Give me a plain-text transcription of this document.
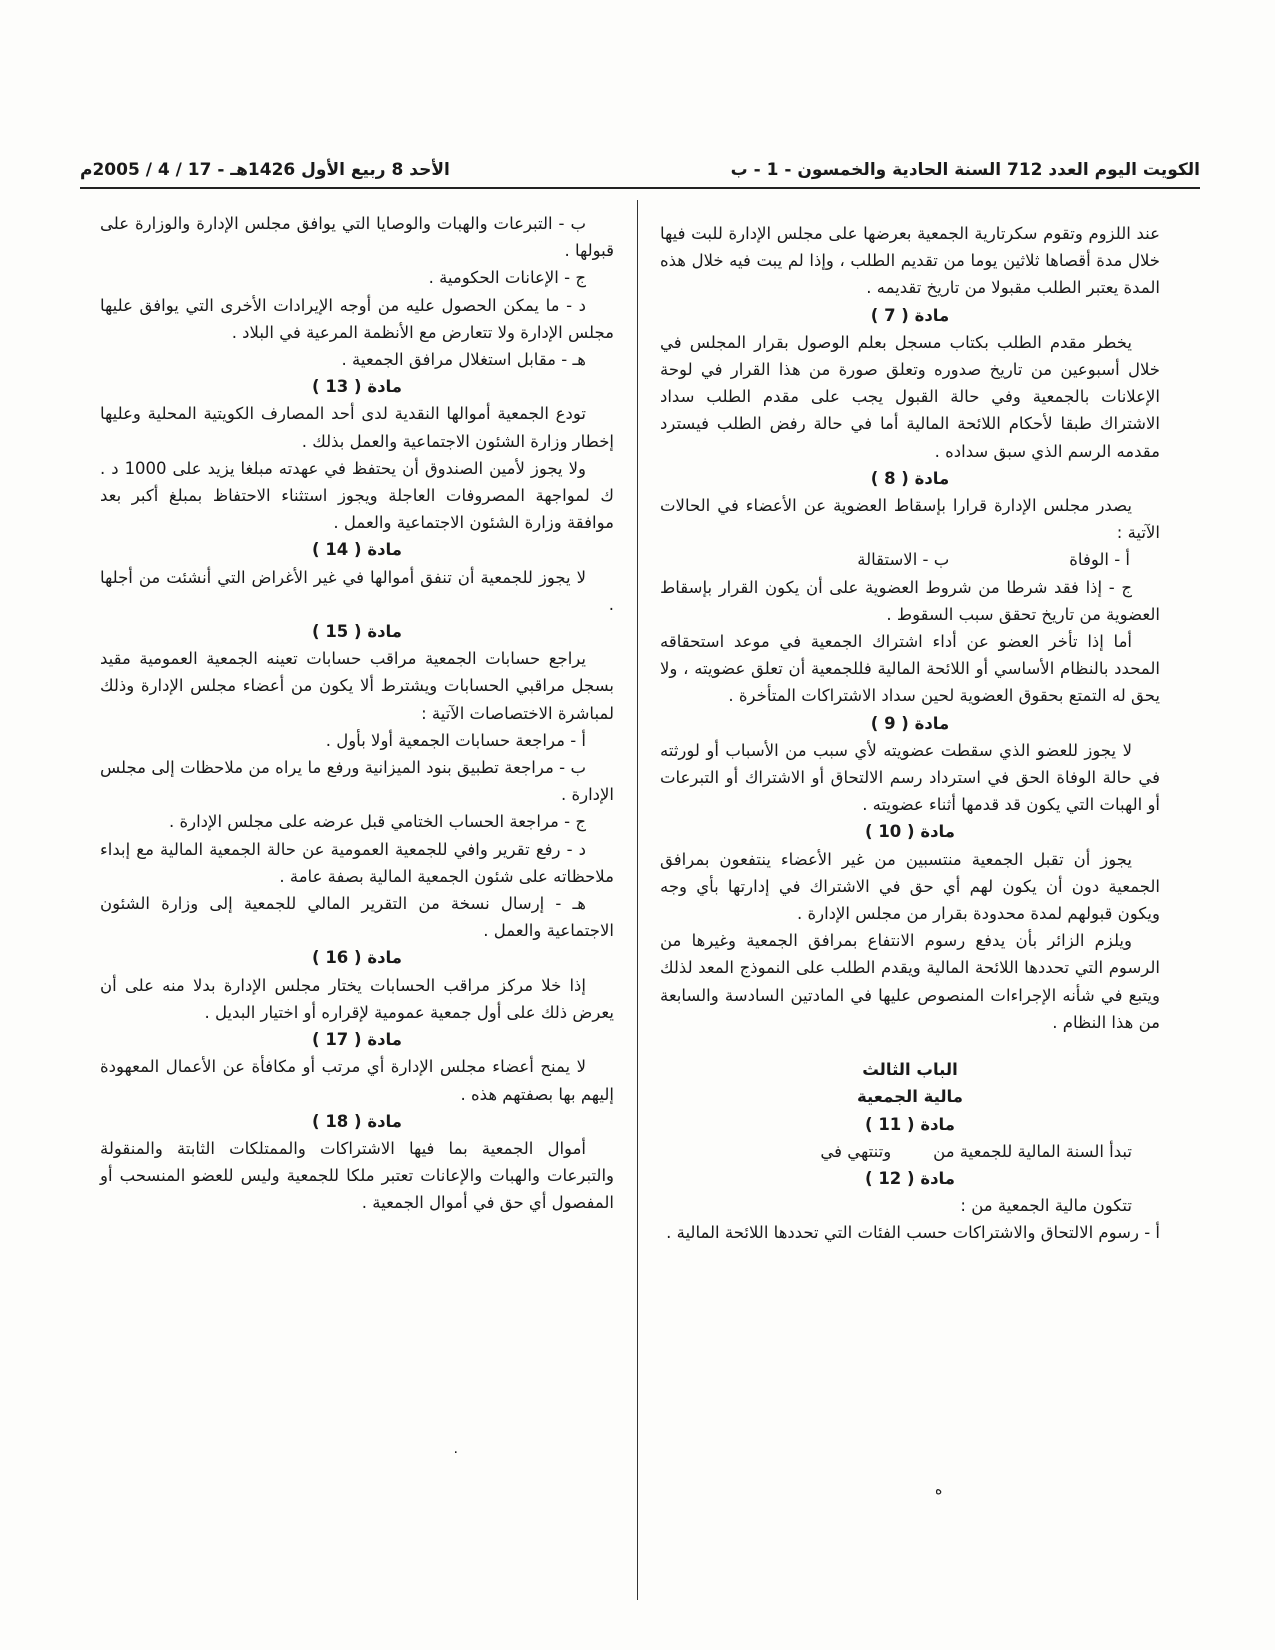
الكويت اليوم العدد 712 السنة الحادية والخمسون - 1 - ب
الأحد 8 ربيع الأول 1426هـ - 17 / 4 / 2005م

عند اللزوم وتقوم سكرتارية الجمعية بعرضها على مجلس الإدارة للبت فيها خلال مدة أقصاها ثلاثين يوما من تقديم الطلب ، وإذا لم يبت فيه خلال هذه المدة يعتبر الطلب مقبولا من تاريخ تقديمه .

مادة ( 7 )

يخطر مقدم الطلب بكتاب مسجل بعلم الوصول بقرار المجلس في خلال أسبوعين من تاريخ صدوره وتعلق صورة من هذا القرار في لوحة الإعلانات بالجمعية وفي حالة القبول يجب على مقدم الطلب سداد الاشتراك طبقا لأحكام اللائحة المالية أما في حالة رفض الطلب فيسترد مقدمه الرسم الذي سبق سداده .

مادة ( 8 )

يصدر مجلس الإدارة قرارا بإسقاط العضوية عن الأعضاء في الحالات الآتية :

أ - الوفاة
ب - الاستقالة

ج - إذا فقد شرطا من شروط العضوية على أن يكون القرار بإسقاط العضوية من تاريخ تحقق سبب السقوط .

أما إذا تأخر العضو عن أداء اشتراك الجمعية في موعد استحقاقه المحدد بالنظام الأساسي أو اللائحة المالية فللجمعية أن تعلق عضويته ، ولا يحق له التمتع بحقوق العضوية لحين سداد الاشتراكات المتأخرة .

مادة ( 9 )

لا يجوز للعضو الذي سقطت عضويته لأي سبب من الأسباب أو لورثته في حالة الوفاة الحق في استرداد رسم الالتحاق أو الاشتراك أو التبرعات أو الهبات التي يكون قد قدمها أثناء عضويته .

مادة ( 10 )

يجوز أن تقبل الجمعية منتسبين من غير الأعضاء ينتفعون بمرافق الجمعية دون أن يكون لهم أي حق في الاشتراك في إدارتها بأي وجه ويكون قبولهم لمدة محدودة بقرار من مجلس الإدارة .

ويلزم الزائر بأن يدفع رسوم الانتفاع بمرافق الجمعية وغيرها من الرسوم التي تحددها اللائحة المالية ويقدم الطلب على النموذج المعد لذلك ويتبع في شأنه الإجراءات المنصوص عليها في المادتين السادسة والسابعة من هذا النظام .

الباب الثالث

مالية الجمعية

مادة ( 11 )

تبدأ السنة المالية للجمعية من        وتنتهي في

مادة ( 12 )

تتكون مالية الجمعية من :

أ - رسوم الالتحاق والاشتراكات حسب الفئات التي تحددها اللائحة المالية .

ب - التبرعات والهبات والوصايا التي يوافق مجلس الإدارة والوزارة على قبولها .

ج - الإعانات الحكومية .

د - ما يمكن الحصول عليه من أوجه الإيرادات الأخرى التي يوافق عليها مجلس الإدارة ولا تتعارض مع الأنظمة المرعية في البلاد .

هـ - مقابل استغلال مرافق الجمعية .

مادة ( 13 )

تودع الجمعية أموالها النقدية لدى أحد المصارف الكويتية المحلية وعليها إخطار وزارة الشئون الاجتماعية والعمل بذلك .

ولا يجوز لأمين الصندوق أن يحتفظ في عهدته مبلغا يزيد على 1000 د . ك لمواجهة المصروفات العاجلة ويجوز استثناء الاحتفاظ بمبلغ أكبر بعد موافقة وزارة الشئون الاجتماعية والعمل .

مادة ( 14 )

لا يجوز للجمعية أن تنفق أموالها في غير الأغراض التي أنشئت من أجلها .

مادة ( 15 )

يراجع حسابات الجمعية مراقب حسابات تعينه الجمعية العمومية مقيد بسجل مراقبي الحسابات ويشترط ألا يكون من أعضاء مجلس الإدارة وذلك لمباشرة الاختصاصات الآتية :

أ - مراجعة حسابات الجمعية أولا بأول .

ب - مراجعة تطبيق بنود الميزانية ورفع ما يراه من ملاحظات إلى مجلس الإدارة .

ج - مراجعة الحساب الختامي قبل عرضه على مجلس الإدارة .

د - رفع تقرير وافي للجمعية العمومية عن حالة الجمعية المالية مع إبداء ملاحظاته على شئون الجمعية المالية بصفة عامة .

هـ - إرسال نسخة من التقرير المالي للجمعية إلى وزارة الشئون الاجتماعية والعمل .

مادة ( 16 )

إذا خلا مركز مراقب الحسابات يختار مجلس الإدارة بدلا منه على أن يعرض ذلك على أول جمعية عمومية لإقراره أو اختيار البديل .

مادة ( 17 )

لا يمنح أعضاء مجلس الإدارة أي مرتب أو مكافأة عن الأعمال المعهودة إليهم بها بصفتهم هذه .

مادة ( 18 )

أموال الجمعية بما فيها الاشتراكات والممتلكات الثابتة والمنقولة والتبرعات والهبات والإعانات تعتبر ملكا للجمعية وليس للعضو المنسحب أو المفصول أي حق في أموال الجمعية .

٠
ه
